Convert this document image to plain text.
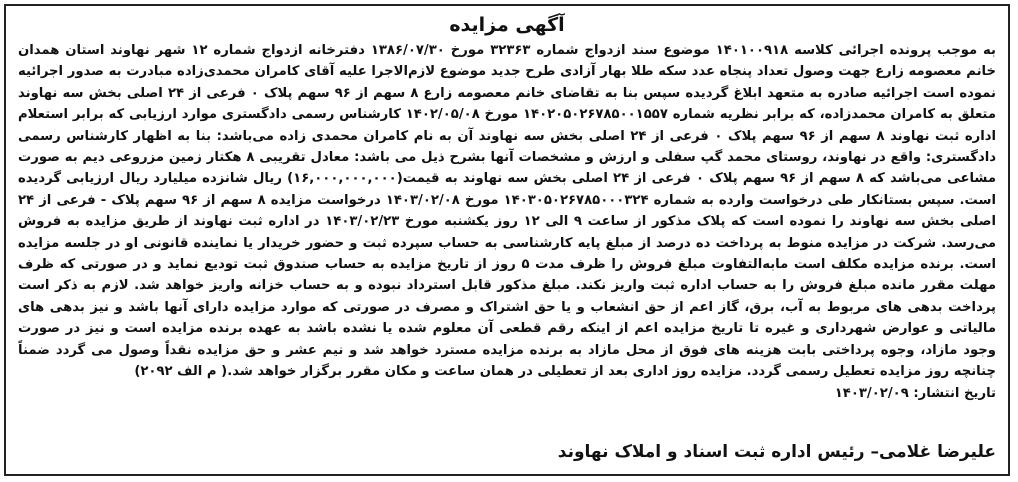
آگهی مزایده

به موجب پرونده اجرائی کلاسه ۱۴۰۱۰۰۹۱۸ موضوع سند ازدواج شماره ۳۲۳۶۳ مورخ ۱۳۸۶/۰۷/۳۰ دفترخانه ازدواج شماره ۱۲ شهر نهاوند استان همدان خانم معصومه زارع جهت وصول تعداد پنجاه عدد سکه طلا بهار آزادی طرح جدید موضوع لازم‌الاجرا علیه آقای کامران محمدی‌زاده مبادرت به صدور اجرائیه نموده است اجرائیه صادره به متعهد ابلاغ گردیده سپس بنا به تقاضای خانم معصومه زارع ۸ سهم از ۹۶ سهم پلاک ۰ فرعی از ۲۴ اصلی بخش سه نهاوند متعلق به کامران محمدزاده، که برابر نظریه شماره ۱۴۰۲۰۵۰۲۶۷۸۵۰۰۱۵۵۷ مورخ ۱۴۰۲/۰۵/۰۸ کارشناس رسمی دادگستری موارد ارزیابی که برابر استعلام اداره ثبت نهاوند ۸ سهم از ۹۶ سهم پلاک ۰ فرعی از ۲۴ اصلی بخش سه نهاوند آن به نام کامران محمدی زاده می‌باشد: بنا به اظهار کارشناس رسمی دادگستری: واقع در نهاوند، روستای محمد گپ سفلی و ارزش و مشخصات آنها بشرح ذیل می باشد: معادل تقریبی ۸ هکتار زمین مزروعی دیم به صورت مشاعی می‌باشد که ۸ سهم از ۹۶ سهم پلاک ۰ فرعی از ۲۴ اصلی بخش سه نهاوند به قیمت(۱۶,۰۰۰,۰۰۰,۰۰۰) ریال شانزده میلیارد ریال ارزیابی گردیده است. سپس بستانکار طی درخواست وارده به شماره ۱۴۰۳۰۵۰۲۶۷۸۵۰۰۰۳۲۴ مورخ ۱۴۰۳/۰۲/۰۸ درخواست مزایده ۸ سهم از ۹۶ سهم پلاک - فرعی از ۲۴ اصلی بخش سه نهاوند را نموده است که پلاک مذکور از ساعت ۹ الی ۱۲ روز یکشنبه مورخ ۱۴۰۳/۰۲/۲۳ در اداره ثبت نهاوند از طریق مزایده به فروش می‌رسد. شرکت در مزایده منوط به پرداخت ده درصد از مبلغ پایه کارشناسی به حساب سپرده ثبت و حضور خریدار یا نماینده قانونی او در جلسه مزایده است. برنده مزایده مکلف است مابه‌التفاوت مبلغ فروش را ظرف مدت ۵ روز از تاریخ مزایده به حساب صندوق ثبت تودیع نماید و در صورتی که ظرف مهلت مقرر مانده مبلغ فروش را به حساب اداره ثبت واریز نکند. مبلغ مذکور قابل استرداد نبوده و به حساب خزانه واریز خواهد شد. لازم به ذکر است پرداخت بدهی های مربوط به آب، برق، گاز اعم از حق انشعاب و یا حق اشتراک و مصرف در صورتی که موارد مزایده دارای آنها باشد و نیز بدهی های مالیاتی و عوارض شهرداری و غیره تا تاریخ مزایده اعم از اینکه رقم قطعی آن معلوم شده یا نشده باشد به عهده برنده مزایده است و نیز در صورت وجود مازاد، وجوه پرداختی بابت هزینه های فوق از محل مازاد به برنده مزایده مسترد خواهد شد و نیم عشر و حق مزایده نقداً وصول می گردد ضمناً چنانچه روز مزایده تعطیل رسمی گردد. مزایده روز اداری بعد از تعطیلی در همان ساعت و مکان مقرر برگزار خواهد شد.( م الف ۲۰۹۲)

تاریخ انتشار: ۱۴۰۳/۰۲/۰۹

علیرضا غلامی– رئیس اداره ثبت اسناد و املاک نهاوند
